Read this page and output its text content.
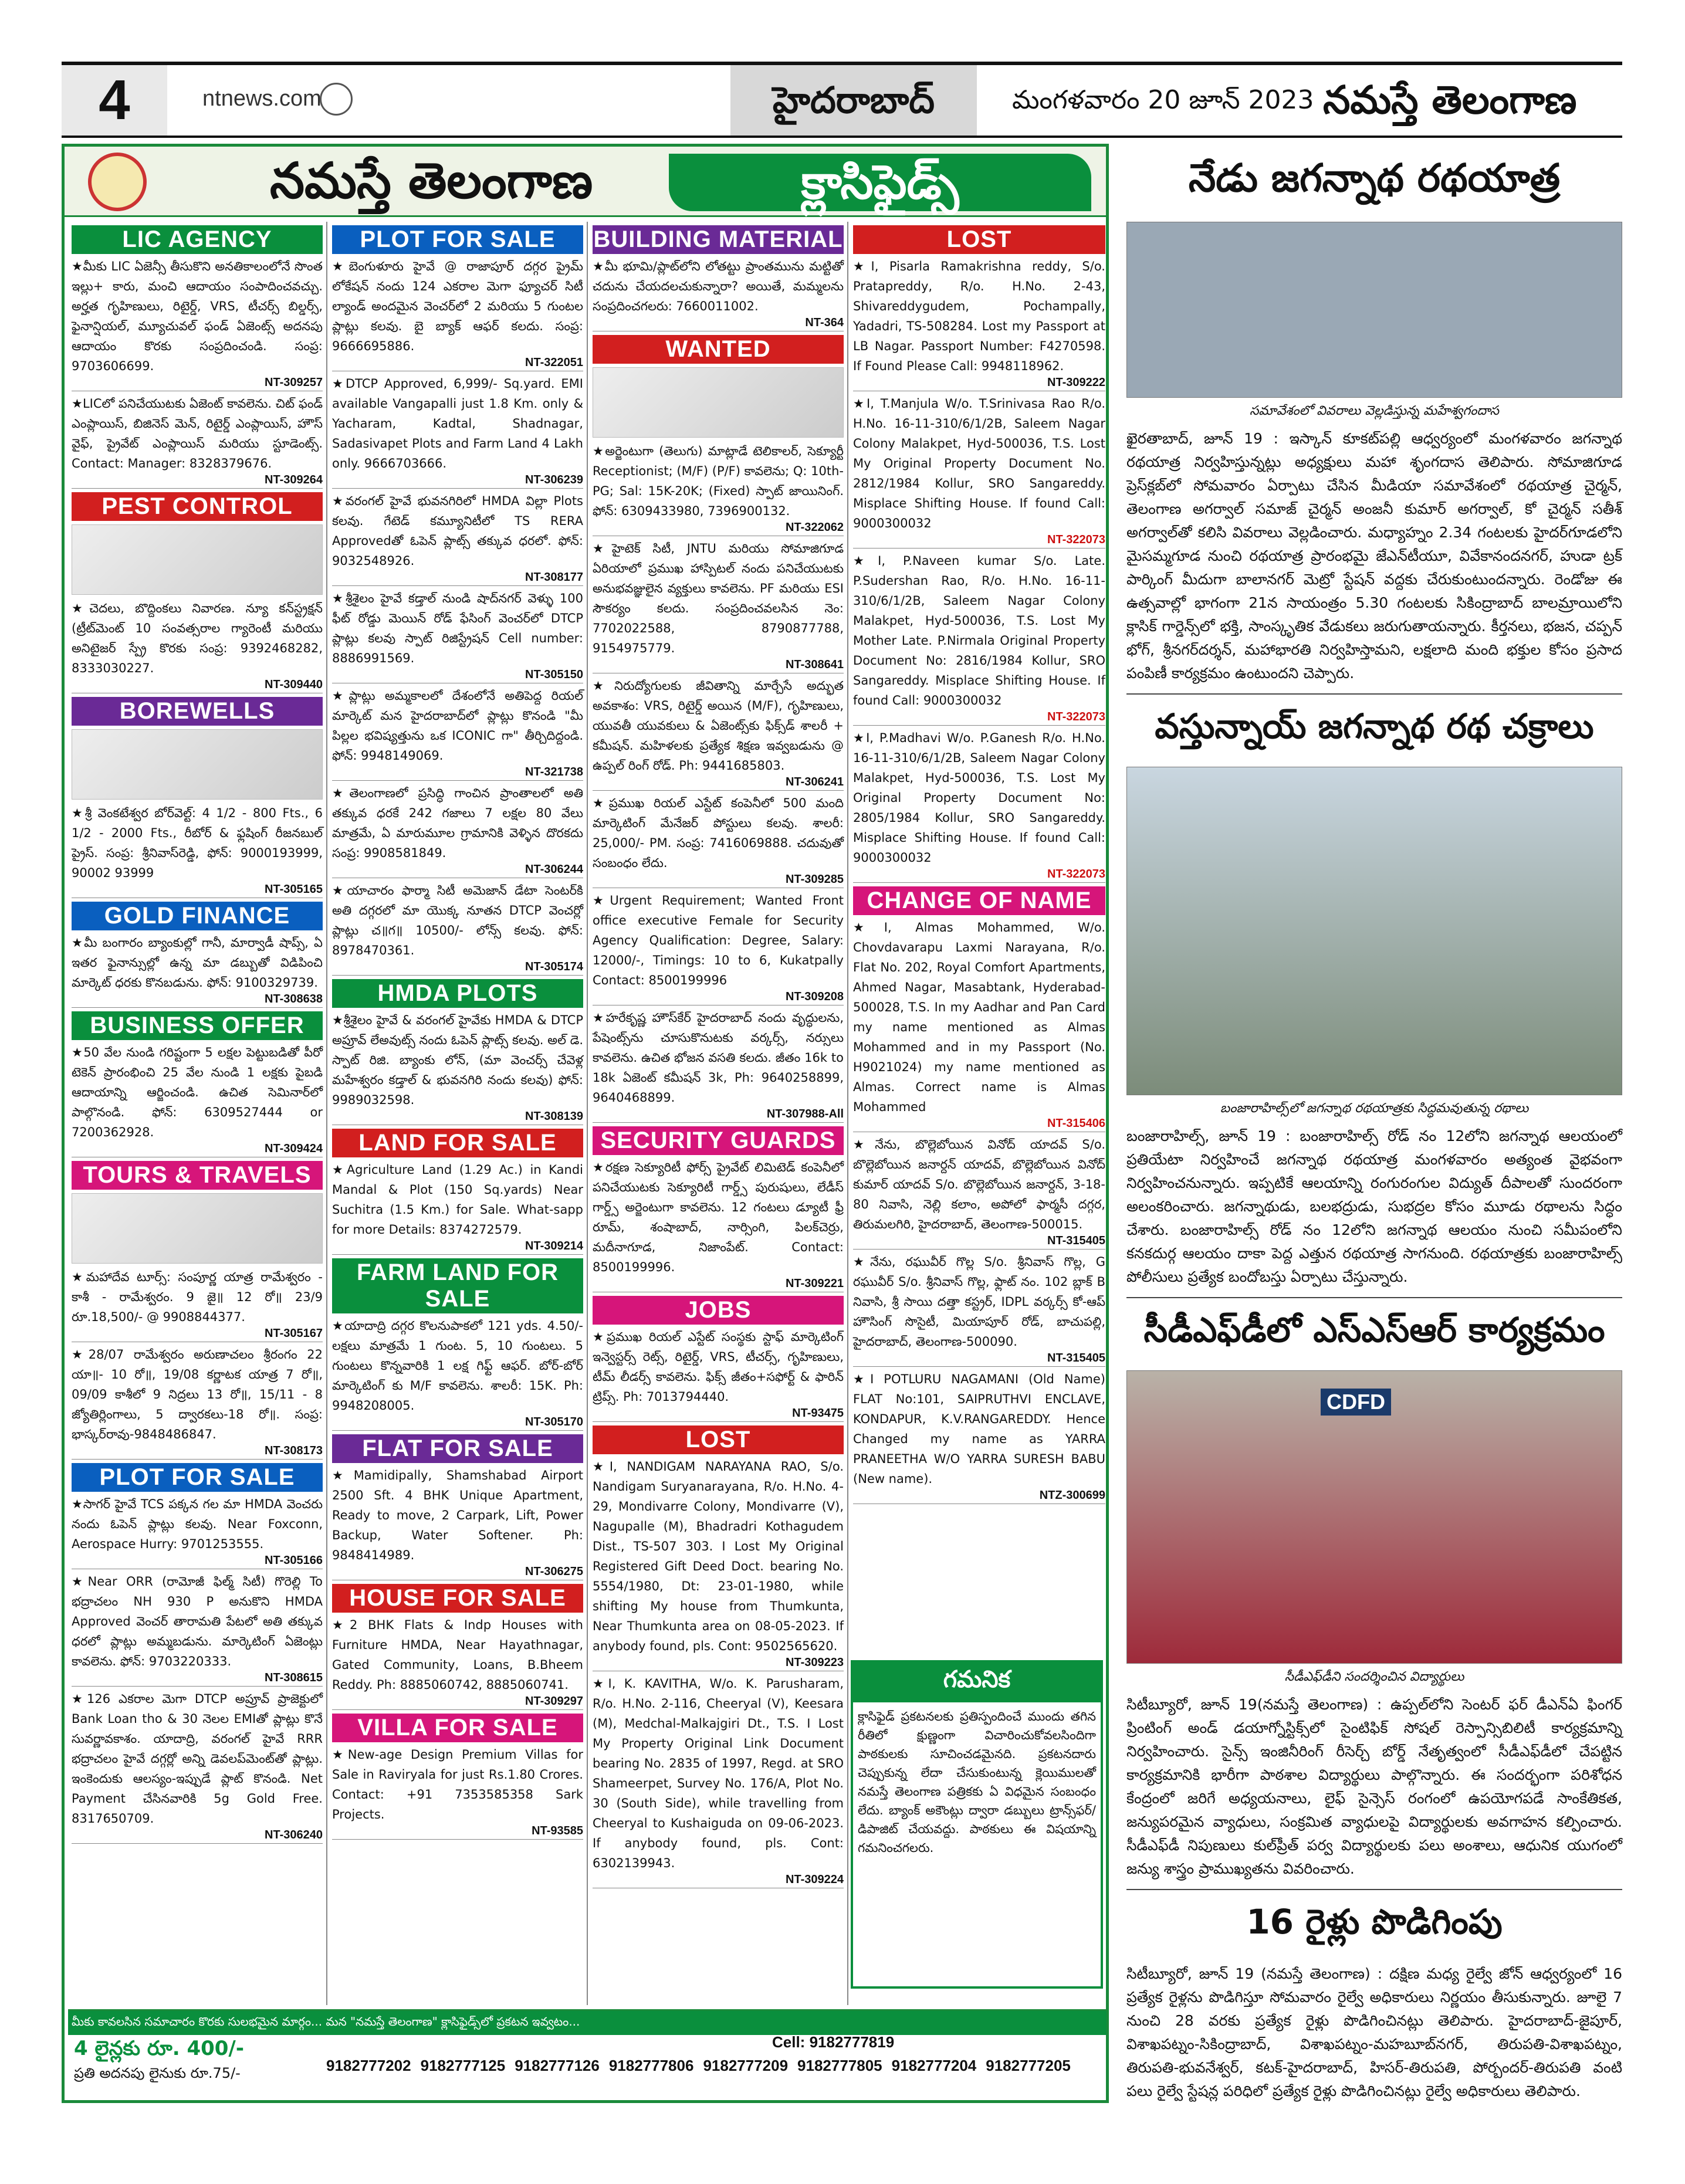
4	ntnews.com	హైదరాబాద్	మంగళవారం 20 జూన్ 2023 నమస్తే తెలంగాణ
నమస్తే తెలంగాణ	క్లాసిఫైడ్స్
LIC AGENCY
★మీకు LIC ఏజెన్సీ తీసుకొని అనతికాలంలోనే సొంత ఇల్లు+ కారు, మంచి ఆదాయం సంపాదించవచ్చు. అర్హత గృహిణులు, రిటైర్డ్, VRS, టీచర్స్ బిల్డర్స్, ఫైనాన్షియల్, మ్యూచువల్ ఫండ్ ఏజెంట్స్ అదనపు ఆదాయం కొరకు సంప్రదించండి. సంప్ర: 9703606699.
NT-309257
★LICలో పనిచేయుటకు ఏజెంట్ కావలెను. చిట్ ఫండ్ ఎంప్లాయిస్, బిజినెస్ మెన్, రిటైర్డ్ ఎంప్లాయిస్, హౌస్ వైఫ్, ప్రైవేట్ ఎంప్లాయిస్ మరియు స్టూడెంట్స్. Contact: Manager: 8328379676.
NT-309264
PEST CONTROL
★చెదలు, బొద్దింకలు నివారణ. న్యూ కన్‌స్ట్రక్షన్ (ట్రీట్‌మెంట్ 10 సంవత్సరాల గ్యారెంటీ మరియు అనిటైజర్ స్ప్రే కొరకు సంప్ర: 9392468282, 8333030227.
NT-309440
BOREWELLS
★శ్రీ వెంకటేశ్వర బోర్‌వెల్ట్: 4 1/2 - 800 Fts., 6 1/2 - 2000 Fts., రీబోర్ & ఫ్లషింగ్ రీజనబుల్ ప్రైస్. సంప్ర: శ్రీనివాస్‌రెడ్డి, ఫోన్: 9000193999, 90002 93999
NT-305165
GOLD FINANCE
★మీ బంగారం బ్యాంకుల్లో గానీ, మార్వాడీ షాప్స్, ఏ ఇతర ఫైనాన్సుల్లో ఉన్న మా డబ్బుతో విడిపించి మార్కెట్ ధరకు కొనబడును. ఫోన్: 9100329739.
NT-308638
BUSINESS OFFER
★50 వేల నుండి గరిష్టంగా 5 లక్షల పెట్టుబడితో పీరో టెకెన్ ప్రారంభించి 25 వేల నుండి 1 లక్షకు పైబడి ఆదాయాన్ని ఆర్జించండి. ఉచిత సెమినార్‌లో పాల్గొనండి. ఫోన్: 6309527444 or 7200362928.
NT-309424
TOURS & TRAVELS
★మహాదేవ టూర్స్: సంపూర్ణ యాత్ర రామేశ్వరం - కాశీ - రామేశ్వరం. 9 జై॥ 12 రో॥ 23/9 రూ.18,500/- @ 9908844377.
NT-305167
★28/07 రామేశ్వరం అరుణాచలం శ్రీరంగం 22 యా॥- 10 రో॥, 19/08 కర్ణాటక యాత్ర 7 రో॥, 09/09 కాశీలో 9 నిద్రలు 13 రో॥, 15/11 - 8 జ్యోతిర్లింగాలు, 5 ద్వారకలు-18 రో॥. సంప్ర: భాస్కర్‌రావు-9848486847.
NT-308173
PLOT FOR SALE
★సాగర్ హైవే TCS పక్కన గల మా HMDA వెంచరు నందు ఓపెన్ ప్లాట్లు కలవు. Near Foxconn, Aerospace Hurry: 9701253555.
NT-305166
★Near ORR (రామోజీ ఫిల్మ్ సిటీ) గొరెల్లి To భద్రాచలం NH 930 P అనుకొని HMDA Approved వెంచర్ తారామతి పేటలో అతి తక్కువ ధరలో ప్లాట్లు అమ్మబడును. మార్కెటింగ్ ఏజెంట్లు కావలెను. ఫోన్: 9703220333.
NT-308615
★126 ఎకరాల మెగా DTCP అప్రూవ్ ప్రాజెక్టులో Bank Loan tho & 30 నెలల EMIతో ప్లాట్లు కొనే సువర్ణావకాశం. యాదాద్రి, వరంగల్ హైవే RRR భద్రాచలం హైవే దగ్గర్లో అన్ని డెవలప్‌మెంట్‌తో ప్లాట్లు. ఇంకెందుకు ఆలస్యం-ఇప్పుడే ప్లాట్ కొనండి. Net Payment చేసినవారికి 5g Gold Free. 8317650709.
NT-306240
PLOT FOR SALE
★బెంగుళూరు హైవే @ రాజాపూర్ దగ్గర ప్రైమ్ లోకేషన్ నందు 124 ఎకరాల మెగా ఫ్యూచర్ సిటీ ల్యాండ్ అందమైన వెంచర్‌లో 2 మరియు 5 గుంటల ప్లాట్లు కలవు. బై బ్యాక్ ఆఫర్ కలదు. సంప్ర: 9666695886.
NT-322051
★DTCP Approved, 6,999/- Sq.yard. EMI available Vangapalli just 1.8 Km. only & Yacharam, Kadtal, Shadnagar, Sadasivapet Plots and Farm Land 4 Lakh only. 9666703666.
NT-306239
★వరంగల్ హైవే భువనగిరిలో HMDA విల్లా Plots కలవు. గేటెడ్ కమ్యూనిటీలో TS RERA Approvedతో ఓపెన్ ప్లాట్స్ తక్కువ ధరలో. ఫోన్: 9032548926.
NT-308177
★శ్రీశైలం హైవే కడ్తాల్ నుండి షాద్‌నగర్ వెళ్ళు 100 ఫీట్ రోడ్డు మెయిన్ రోడ్ ఫేసింగ్ వెంచర్‌లో DTCP ప్లాట్లు కలవు స్పాట్ రిజిస్ట్రేషన్ Cell number: 8886991569.
NT-305150
★ప్లాట్లు అమ్మకాలలో దేశంలోనే అతిపెద్ద రియల్ మార్కెట్ మన హైదరాబాద్‌లో ప్లాట్లు కొనండి "మీ పిల్లల భవిష్యత్తును ఒక ICONIC గా" తీర్చిదిద్దండి. ఫోన్: 9948149069.
NT-321738
★తెలంగాణలో ప్రసిద్ధి గాంచిన ప్రాంతాలలో అతి తక్కువ ధరకే 242 గజాలు 7 లక్షల 80 వేలు మాత్రమే, ఏ మారుమూల గ్రామానికి వెళ్ళిన దొరకదు సంప్ర: 9908581849.
NT-306244
★యాచారం ఫార్మా సిటీ అమెజాన్ డేటా సెంటర్‌కి అతి దగ్గరలో మా యొక్క నూతన DTCP వెంచర్లో ప్లాట్లు చ॥గ॥ 10500/- లోన్స్ కలవు. ఫోన్: 8978470361.
NT-305174
HMDA PLOTS
★శ్రీశైలం హైవే & వరంగల్ హైవేకు HMDA & DTCP అప్రూవ్ లేఅవుట్స్ నందు ఓపెన్ ప్లాట్స్ కలవు. అల్ డె. స్పాట్ రిజి. బ్యాంకు లోన్, (మా వెంచర్స్ చేవెళ్ల మహేశ్వరం కడ్తాల్ & భువనగిరి నందు కలవు) ఫోన్: 9989032598.
NT-308139
LAND FOR SALE
★Agriculture Land (1.29 Ac.) in Kandi Mandal & Plot (150 Sq.yards) Near Suchitra (1.5 Km.) for Sale. What-sapp for more Details: 8374272579.
NT-309214
FARM LAND FOR SALE
★యాదాద్రి దగ్గర కొలనుపాకలో 121 yds. 4.50/- లక్షలు మాత్రమే 1 గుంట. 5, 10 గుంటలు. 5 గుంటలు కొన్నవారికి 1 లక్ష గిఫ్ట్ ఆఫర్. బోర్-బోర్ మార్కెటింగ్ కు M/F కావలెను. శాలరీ: 15K. Ph: 9948208005.
NT-305170
FLAT FOR SALE
★Mamidipally, Shamshabad Airport 2500 Sft. 4 BHK Unique Apartment, Ready to move, 2 Carpark, Lift, Power Backup, Water Softener. Ph: 9848414989.
NT-306275
HOUSE FOR SALE
★2 BHK Flats & Indp Houses with Furniture HMDA, Near Hayathnagar, Gated Community, Loans, B.Bheem Reddy. Ph: 8885060742, 8885060741.
NT-309297
VILLA FOR SALE
★New-age Design Premium Villas for Sale in Raviryala for just Rs.1.80 Crores. Contact: +91 7353585358 Sark Projects.
NT-93585
BUILDING MATERIAL
★మీ భూమి/ప్లాట్‌లోని లోతట్టు ప్రాంతమును మట్టితో చదును చేయదలచుకున్నారా? అయితే, మమ్మలను సంప్రదించగలరు: 7660011002.
NT-364
WANTED
★అర్జెంటుగా (తెలుగు) మాట్లాడే టెలికాలర్, సెక్యూర్టీ Receptionist; (M/F) (P/F) కావలెను; Q: 10th-PG; Sal: 15K-20K; (Fixed) స్పాట్ జాయినింగ్. ఫోన్: 6309433980, 7396900132.
NT-322062
★హైటెక్ సిటీ, JNTU మరియు సోమాజిగూడ ఏరియాలో ప్రముఖ హాస్పిటల్ నందు పనిచేయుటకు అనుభవజ్ఞులైన వ్యక్తులు కావలెను. PF మరియు ESI సౌకర్యం కలదు. సంప్రదించవలసిన నెం: 7702022588, 8790877788, 9154975779.
NT-308641
★నిరుద్యోగులకు జీవితాన్ని మార్చేసే అద్భుత అవకాశం: VRS, రిటైర్డ్ అయిన (M/F), గృహిణులు, యువతీ యువకులు & ఏజెంట్స్‌కు ఫిక్స్‌డ్ శాలరీ + కమీషన్. మహిళలకు ప్రత్యేక శిక్షణ ఇవ్వబడును @ ఉప్పల్ రింగ్ రోడ్. Ph: 9441685803.
NT-306241
★ప్రముఖ రియల్ ఎస్టేట్ కంపెనీలో 500 మంది మార్కెటింగ్ మేనేజర్ పోస్టులు కలవు. శాలరీ: 25,000/- PM. సంప్ర: 7416069888. చదువుతో సంబంధం లేదు.
NT-309285
★Urgent Requirement; Wanted Front office executive Female for Security Agency Qualification: Degree, Salary: 12000/-, Timings: 10 to 6, Kukatpally Contact: 8500199996
NT-309208
★హరేకృష్ణ హౌస్‌కేర్ హైదరాబాద్ నందు వృద్ధులను, పేషెంట్స్‌ను చూసుకొనుటకు వర్కర్స్, నర్సులు కావలెను. ఉచిత భోజన వసతి కలదు. జీతం 16k to 18k ఏజెంట్ కమీషన్ 3k, Ph: 9640258899, 9640468899.
NT-307988-All
SECURITY GUARDS
★రక్షణ సెక్యూరిటీ ఫోర్స్ ప్రైవేట్ లిమిటెడ్ కంపెనీలో పనిచేయుటకు సెక్యూరిటీ గార్డ్స్ పురుషులు, లేడీస్ గార్డ్స్ అర్జెంటుగా కావలెను. 12 గంటలు డ్యూటీ ఫ్రీ రూమ్, శంషాబాద్, నార్సింగి, పిలక్‌చెర్రు, మదీనాగూడ, నిజాంపేట్. Contact: 8500199996.
NT-309221
JOBS
★ప్రముఖ రియల్ ఎస్టేట్ సంస్థకు స్టాఫ్ మార్కెటింగ్ ఇన్వెస్టర్స్ రెట్స్, రిటైర్డ్, VRS, టీచర్స్, గృహిణులు, టీమ్ లీడర్స్ కావలెను. ఫిక్స్ జీతం+సఫోర్ట్ & ఫారిన్ ట్రిప్స్. Ph: 7013794440.
NT-93475
LOST
★I, NANDIGAM NARAYANA RAO, S/o. Nandigam Suryanarayana, R/o. H.No. 4-29, Mondivarre Colony, Mondivarre (V), Nagupalle (M), Bhadradri Kothagudem Dist., TS-507 303. I Lost My Original Registered Gift Deed Doct. bearing No. 5554/1980, Dt: 23-01-1980, while shifting My house from Thumkunta, Near Thumkunta area on 08-05-2023. If anybody found, pls. Cont: 9502565620.
NT-309223
★I, K. KAVITHA, W/o. K. Parusharam, R/o. H.No. 2-116, Cheeryal (V), Keesara (M), Medchal-Malkajgiri Dt., T.S. I Lost My Property Original Link Document bearing No. 2835 of 1997, Regd. at SRO Shameerpet, Survey No. 176/A, Plot No. 30 (South Side), while travelling from Cheeryal to Kushaiguda on 09-06-2023. If anybody found, pls. Cont: 6302139943.
NT-309224
LOST
★I, Pisarla Ramakrishna reddy, S/o. Pratapreddy, R/o. H.No. 2-43, Shivareddygudem, Pochampally, Yadadri, TS-508284. Lost my Passport at LB Nagar. Passport Number: F4270598. If Found Please Call: 9948118962.
NT-309222
★I, T.Manjula W/o. T.Srinivasa Rao R/o. H.No. 16-11-310/6/1/2B, Saleem Nagar Colony Malakpet, Hyd-500036, T.S. Lost My Original Property Document No. 2812/1984 Kollur, SRO Sangareddy. Misplace Shifting House. If found Call: 9000300032
NT-322073
★I, P.Naveen kumar S/o. Late. P.Sudershan Rao, R/o. H.No. 16-11-310/6/1/2B, Saleem Nagar Colony Malakpet, Hyd-500036, T.S. Lost My Mother Late. P.Nirmala Original Property Document No: 2816/1984 Kollur, SRO Sangareddy. Misplace Shifting House. If found Call: 9000300032
NT-322073
★I, P.Madhavi W/o. P.Ganesh R/o. H.No. 16-11-310/6/1/2B, Saleem Nagar Colony Malakpet, Hyd-500036, T.S. Lost My Original Property Document No: 2805/1984 Kollur, SRO Sangareddy. Misplace Shifting House. If found Call: 9000300032
NT-322073
CHANGE OF NAME
★I, Almas Mohammed, W/o. Chovdavarapu Laxmi Narayana, R/o. Flat No. 202, Royal Comfort Apartments, Ahmed Nagar, Masabtank, Hyderabad-500028, T.S. In my Aadhar and Pan Card my name mentioned as Almas Mohammed and in my Passport (No. H9021024) my name mentioned as Almas. Correct name is Almas Mohammed
NT-315406
★నేను, బొల్లెబోయిన వినోద్ యాదవ్ S/o. బొల్లెబోయిన జనార్దన్ యాదవ్, బొల్లెబోయిన వినోద్ కుమార్ యాదవ్ S/o. బొల్లెబోయిన జనార్దన్, 3-18-80 నివాసి, నెల్లి కలాం, అపోలో ఫార్మసీ దగ్గర, తిరుమలగిరి, హైదరాబాద్, తెలంగాణ-500015.
NT-315405
★నేను, రఘువీర్ గొల్ల S/o. శ్రీనివాస్ గొల్ల, G రఘువీర్ S/o. శ్రీనివాస్ గొల్ల, ఫ్లాట్ నం. 102 బ్లాక్ B నివాసి, శ్రీ సాయి దత్తా కస్ట్రర్, IDPL వర్కర్స్ కో-ఆప్ హౌసింగ్ సొసైటీ, మియాపూర్ రోడ్, బాచుపల్లి, హైదరాబాద్, తెలంగాణ-500090.
NT-315405
★I POTLURU NAGAMANI (Old Name) FLAT No:101, SAIPRUTHVI ENCLAVE, KONDAPUR, K.V.RANGAREDDY. Hence Changed my name as YARRA PRANEETHA W/O YARRA SURESH BABU (New name).
NTZ-300699
గమనిక
క్లాసిఫైడ్ ప్రకటనలకు ప్రతిస్పందించే ముందు తగిన రీతిలో క్షుణ్ణంగా విచారించుకోవలసిందిగా పాఠకులకు సూచించడమైనది. ప్రకటనదారు చెప్పుకున్న లేదా చేసుకుంటున్న క్లెయిములతో నమస్తే తెలంగాణ పత్రికకు ఏ విధమైన సంబంధం లేదు. బ్యాంక్ అకౌంట్లు ద్వారా డబ్బులు ట్రాన్స్‌ఫర్/ డిపాజిట్ చేయవద్దు. పాఠకులు ఈ విషయాన్ని గమనించగలరు.
మీకు కావలసిన సమాచారం కొరకు సులభమైన మార్గం... మన "నమస్తే తెలంగాణ" క్లాసిఫైడ్స్‌లో ప్రకటన ఇవ్వటం...
Cell: 9182777819
4 లైన్లకు రూ. 400/-
ప్రతి అదనపు లైనుకు రూ.75/-	9182777202 9182777125 9182777126 9182777806 9182777209 9182777805 9182777204 9182777205
నేడు జగన్నాథ రథయాత్ర
సమావేశంలో వివరాలు వెల్లడిస్తున్న మహేశ్వగందాస
ఖైరతాబాద్, జూన్ 19 : ఇస్కాన్ కూకట్‌పల్లి ఆధ్వర్యంలో మంగళవారం జగన్నాథ రథయాత్ర నిర్వహిస్తున్నట్లు అధ్యక్షులు మహా శృంగదాస తెలిపారు. సోమాజిగూడ ప్రెస్‌క్లబ్‌లో సోమవారం ఏర్పాటు చేసిన మీడియా సమావేశంలో రథయాత్ర చైర్మన్, తెలంగాణ అగర్వాల్ సమాజ్ చైర్మన్ అంజనీ కుమార్ అగర్వాల్, కో చైర్మన్ సతీశ్ అగర్వాల్‌తో కలిసి వివరాలు వెల్లడించారు. మధ్యాహ్నం 2.34 గంటలకు హైదర్‌గూడలోని మైసమ్మగూడ నుంచి రథయాత్ర ప్రారంభమై జేఎన్‌టీయూ, వివేకానందనగర్, హుడా ట్రక్ పార్కింగ్ మీదుగా బాలానగర్ మెట్రో స్టేషన్ వద్దకు చేరుకుంటుందన్నారు. రెండోజు ఈ ఉత్సవాల్లో భాగంగా 21న సాయంత్రం 5.30 గంటలకు సికింద్రాబాద్ బాలమ్రాయిలోని క్లాసిక్ గార్డెన్స్‌లో భక్తి, సాంస్కృతిక వేడుకలు జరుగుతాయన్నారు. కీర్తనలు, భజన, చప్పన్ భోగ్, శ్రీనగర్‌దర్శన్, మహాభారతి నిర్వహిస్తామని, లక్షలాది మంది భక్తుల కోసం ప్రసాద పంపిణీ కార్యక్రమం ఉంటుందని చెప్పారు.
వస్తున్నాయ్ జగన్నాథ రథ చక్రాలు
బంజారాహిల్స్‌లో జగన్నాథ రథయాత్రకు సిద్ధమవుతున్న రథాలు
బంజారాహిల్స్, జూన్ 19 : బంజారాహిల్స్ రోడ్ నం 12లోని జగన్నాథ ఆలయంలో ప్రతియేటా నిర్వహించే జగన్నాథ రథయాత్ర మంగళవారం అత్యంత వైభవంగా నిర్వహించనున్నారు. ఇప్పటికే ఆలయాన్ని రంగురంగుల విద్యుత్ దీపాలతో సుందరంగా అలంకరించారు. జగన్నాథుడు, బలభద్రుడు, సుభద్రల కోసం మూడు రథాలను సిద్ధం చేశారు. బంజారాహిల్స్ రోడ్ నం 12లోని జగన్నాథ ఆలయం నుంచి సమీపంలోని కనకదుర్గ ఆలయం దాకా పెద్ద ఎత్తున రథయాత్ర సాగనుంది. రథయాత్రకు బంజారాహిల్స్ పోలీసులు ప్రత్యేక బందోబస్తు ఏర్పాటు చేస్తున్నారు.
సీడీఎఫ్‌డీలో ఎస్‌ఎస్‌ఆర్ కార్యక్రమం
CDFD
సీడీఎఫ్‌డీని సందర్శించిన విద్యార్థులు
సిటీబ్యూరో, జూన్ 19(నమస్తే తెలంగాణ) : ఉప్పల్‌లోని సెంటర్ ఫర్ డీఎన్‌ఏ ఫింగర్ ప్రింటింగ్ అండ్ డయాగ్నోస్టిక్స్‌లో సైంటిఫిక్ సోషల్ రెస్పాన్సిబిలిటీ కార్యక్రమాన్ని నిర్వహించారు. సైన్స్ ఇంజినీరింగ్ రీసెర్చ్ బోర్డ్ నేతృత్వంలో సీడీఎఫ్‌డీలో చేపట్టిన కార్యక్రమానికి భారీగా పాఠశాల విద్యార్థులు పాల్గొన్నారు. ఈ సందర్భంగా పరిశోధన కేంద్రంలో జరిగే అధ్యయనాలు, లైఫ్ సైన్సెస్ రంగంలో ఉపయోగపడే సాంకేతికత, జన్యుపరమైన వ్యాధులు, సంక్రమిత వ్యాధులపై విద్యార్థులకు అవగాహన కల్పించారు. సీడీఎఫ్‌డీ నిపుణులు కుల్‌ప్రీత్ పర్వ విద్యార్థులకు పలు అంశాలు, ఆధునిక యుగంలో జన్యు శాస్త్రం ప్రాముఖ్యతను వివరించారు.
16 రైళ్లు పొడిగింపు
సిటీబ్యూరో, జూన్ 19 (నమస్తే తెలంగాణ) : దక్షిణ మధ్య రైల్వే జోన్ ఆధ్వర్యంలో 16 ప్రత్యేక రైళ్లను పొడిగిస్తూ సోమవారం రైల్వే అధికారులు నిర్ణయం తీసుకున్నారు. జూలై 7 నుంచి 28 వరకు ప్రత్యేక రైళ్లు పొడిగించినట్లు తెలిపారు. హైదరాబాద్-జైపూర్, విశాఖపట్నం-సికింద్రాబాద్, విశాఖపట్నం-మహబూబ్‌నగర్, తిరుపతి-విశాఖపట్నం, తిరుపతి-భువనేశ్వర్, కటక్-హైదరాబాద్, హిసర్-తిరుపతి, పోర్బందర్-తిరుపతి వంటి పలు రైల్వే స్టేషన్ల పరిధిలో ప్రత్యేక రైళ్లు పొడిగించినట్లు రైల్వే అధికారులు తెలిపారు.
